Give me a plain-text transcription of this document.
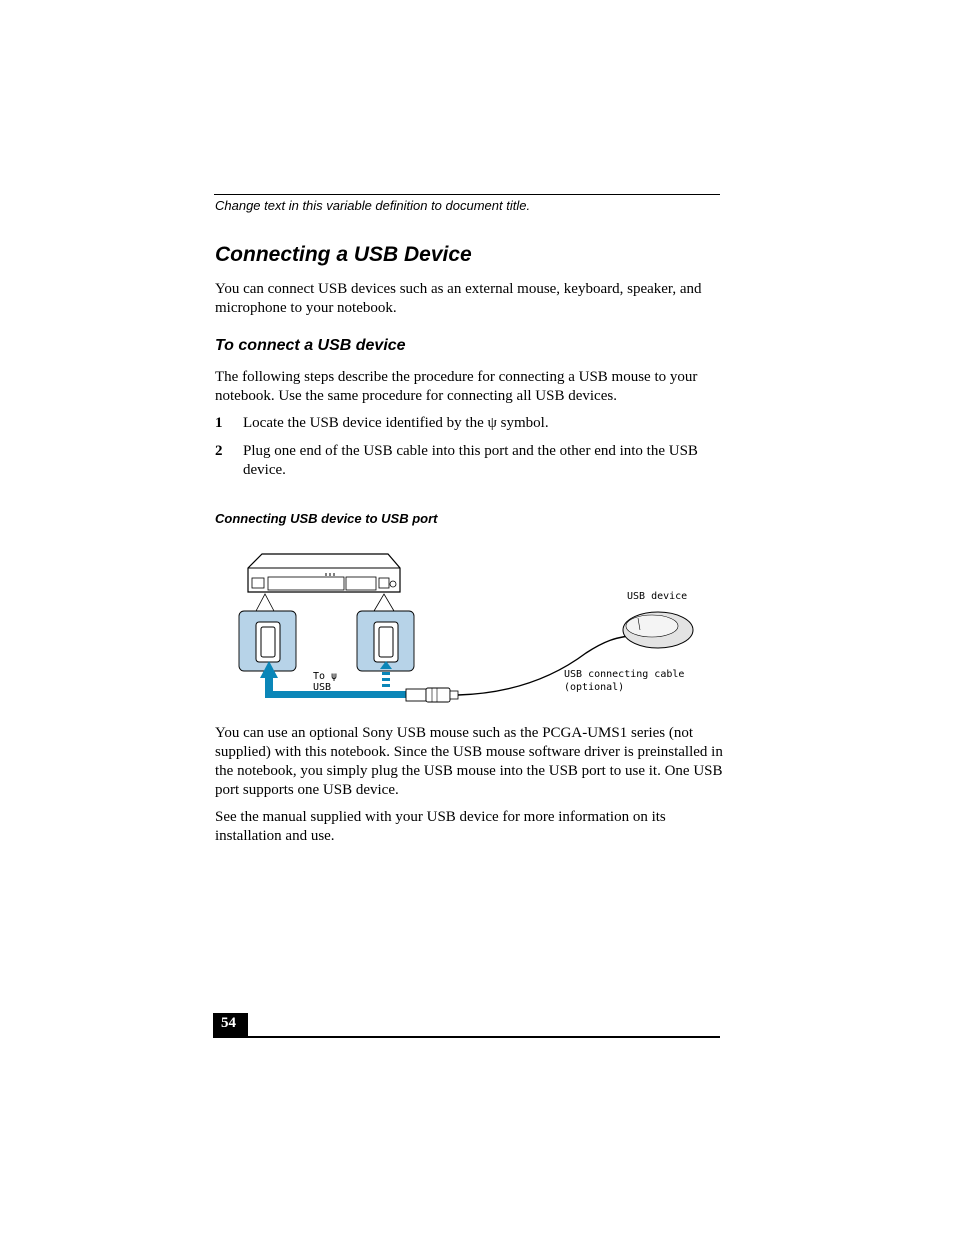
Change text in this variable definition to document title.
Connecting a USB Device

You can connect USB devices such as an external mouse, keyboard, speaker, and microphone to your notebook.

To connect a USB device

The following steps describe the procedure for connecting a USB mouse to your notebook. Use the same procedure for connecting all USB devices.

1 Locate the USB device identified by the ψ symbol.
2 Plug one end of the USB cable into this port and the other end into the USB device.
Connecting USB device to USB port
USB device
USB connecting cable
(optional)
To ψ
USB

You can use an optional Sony USB mouse such as the PCGA-UMS1 series (not supplied) with this notebook. Since the USB mouse software driver is preinstalled in the notebook, you simply plug the USB mouse into the USB port to use it. One USB port supports one USB device.

See the manual supplied with your USB device for more information on its installation and use.

54
